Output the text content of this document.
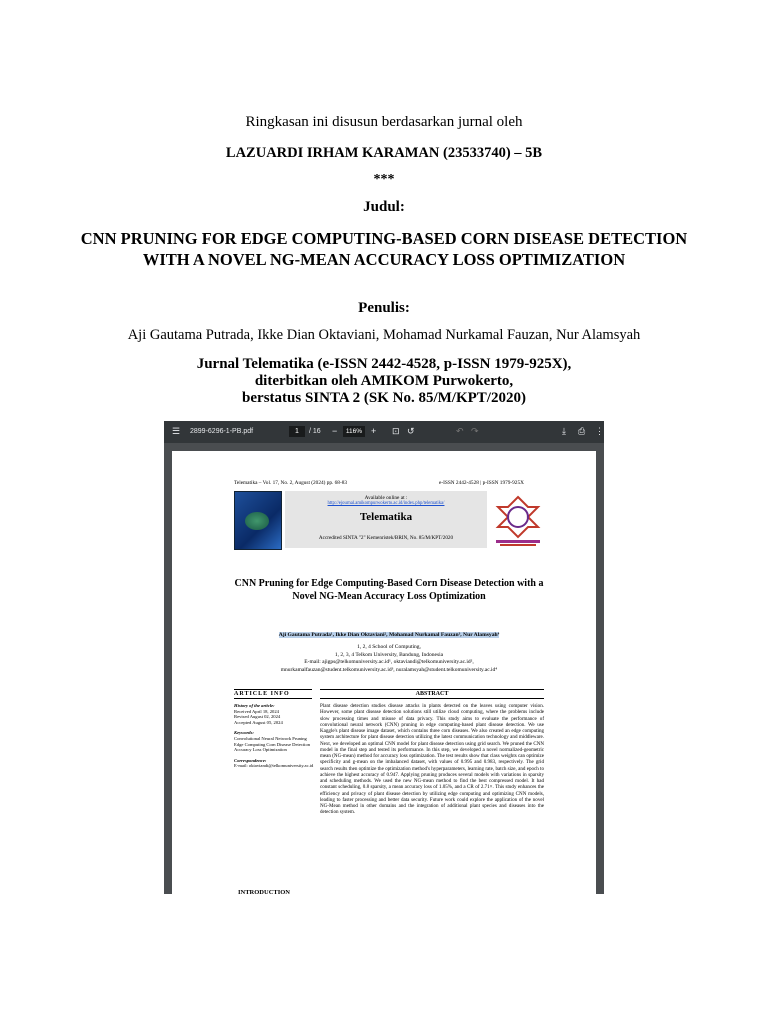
Ringkasan ini disusun berdasarkan jurnal oleh
LAZUARDI IRHAM KARAMAN (23533740) – 5B
***
Judul:
CNN PRUNING FOR EDGE COMPUTING-BASED CORN DISEASE DETECTION WITH A NOVEL NG-MEAN ACCURACY LOSS OPTIMIZATION
Penulis:
Aji Gautama Putrada, Ikke Dian Oktaviani, Mohamad Nurkamal Fauzan, Nur Alamsyah
Jurnal Telematika (e-ISSN 2442-4528, p-ISSN 1979-925X),
diterbitkan oleh AMIKOM Purwokerto,
berstatus SINTA 2 (SK No. 85/M/KPT/2020)
☰ 2899-6296-1-PB.pdf	1	/ 16 −	116% + ⊡ ↺	↶ ↷	⤓ ⎙ ⋮
Telematika – Vol. 17, No. 2, August (2024) pp. 68-83	e-ISSN 2442-4528 | p-ISSN 1979-925X
Available online at :
http://ejournal.amikompurwokerto.ac.id/index.php/telematika/
Telematika
Accredited SINTA "2" Kemenristek/BRIN, No. 85/M/KPT/2020
CNN Pruning for Edge Computing-Based Corn Disease Detection with a Novel NG-Mean Accuracy Loss Optimization
Aji Gautama Putrada¹, Ikke Dian Oktaviani², Mohamad Nurkamal Fauzan³, Nur Alamsyah⁴
1, 2, 4 School of Computing,
1, 2, 3, 4 Telkom University, Bandung, Indonesia
E-mail: ajigps@telkomuniversity.ac.id¹, oktaviandi@telkomuniversity.ac.id²,
mnurkamalfauzan@student.telkomuniversity.ac.id³, nuralamsyah@student.telkomuniversity.ac.id⁴
ARTICLE INFO
History of the article:
Received April 18, 2024
Revised August 02, 2024
Accepted August 05, 2024
Keywords:
Convolutional Neural Network Pruning Edge Computing Corn Disease Detection Accuracy Loss Optimization
Correspondence:
E-mail: oktaviandi@telkomuniversity.ac.id
ABSTRACT
Plant disease detection studies disease attacks in plants detected on the leaves using computer vision. However, some plant disease detection solutions still utilize cloud computing, where the problems include slow processing times and misuse of data privacy. This study aims to evaluate the performance of convolutional neural network (CNN) pruning in edge computing-based plant disease detection. We use Kaggle's plant disease image dataset, which contains three corn diseases. We also created an edge computing system architecture for plant disease detection utilizing the latest communication technology and middleware. Next, we developed an optimal CNN model for plant disease detection using grid search. We pruned the CNN model in the final step and tested its performance. In this step, we developed a novel normalized-geometric mean (NG-mean) method for accuracy loss optimization. The test results show that class weights can optimize specificity and g-mean on the imbalanced dataset, with values of 0.995 and 0.983, respectively. The grid search results then optimize the optimization method's hyperparameters, learning rate, batch size, and epoch to achieve the highest accuracy of 0.947. Applying pruning produces several models with variations in sparsity and scheduling methods. We used the new NG-mean method to find the best compressed model. It had constant scheduling, 0.8 sparsity, a mean accuracy loss of 1.05%, and a CR of 2.71×. This study enhances the efficiency and privacy of plant disease detection by utilizing edge computing and optimizing CNN models, leading to faster processing and better data security. Future work could explore the application of the novel NG-Mean method in other domains and the integration of additional plant species and diseases into the detection system.
INTRODUCTION
